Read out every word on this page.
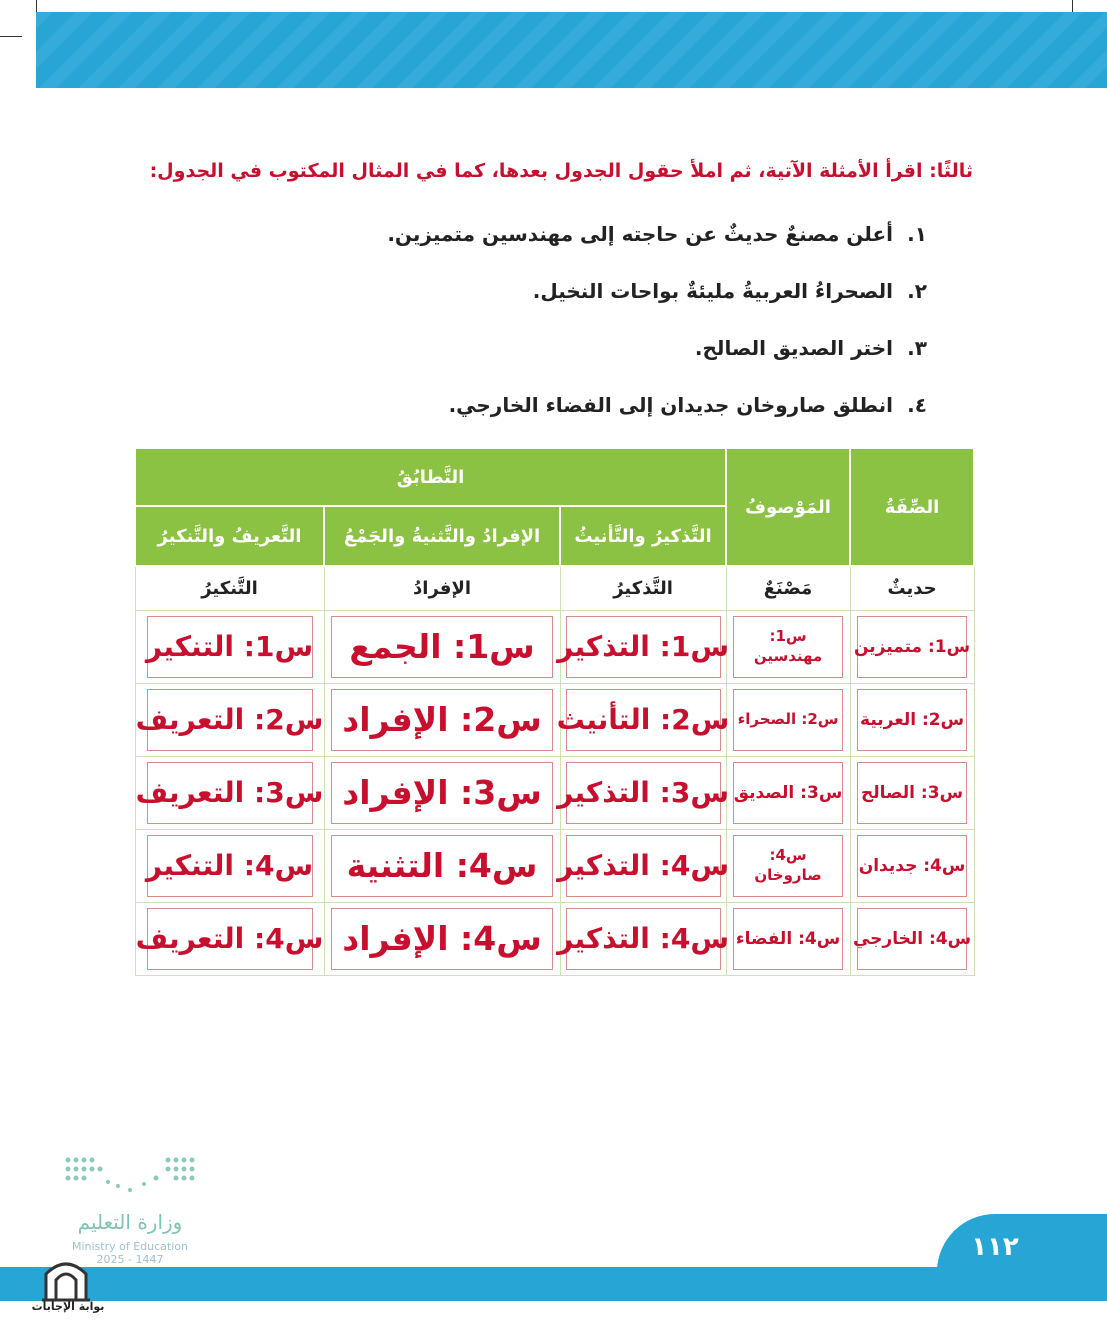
ثالثًا: اقرأ الأمثلة الآتية، ثم املأ حقول الجدول بعدها، كما في المثال المكتوب في الجدول:
١.أعلن مصنعٌ حديثٌ عن حاجته إلى مهندسين متميزين.
٢.الصحراءُ العربيةُ مليئةٌ بواحات النخيل.
٣.اختر الصديق الصالح.
٤.انطلق صاروخان جديدان إلى الفضاء الخارجي.
الصِّفَةُ	المَوْصوفُ	التَّطابُقُ		
		التَّذكيرُ والتَّأنيثُ	الإفرادُ والتَّثنيةُ والجَمْعُ	التَّعريفُ والتَّنكيرُ
حديثٌ	مَصْنَعٌ	التَّذكيرُ	الإفرادُ	التَّنكيرُ

س1: متميزين	س1: مهندسين	س1: التذكير	س1: الجمع	س1: التنكير

س2: العربية	س2: الصحراء	س2: التأنيث	س2: الإفراد	س2: التعريف

س3: الصالح	س3: الصديق	س3: التذكير	س3: الإفراد	س3: التعريف

س4: جديدان	س4: صاروخان	س4: التذكير	س4: التثنية	س4: التنكير

س4: الخارجي	س4: الفضاء	س4: التذكير	س4: الإفراد	س4: التعريف
وزارة التعليم
Ministry of Education
2025 - 1447	١١٢
بوابة الإجابات
